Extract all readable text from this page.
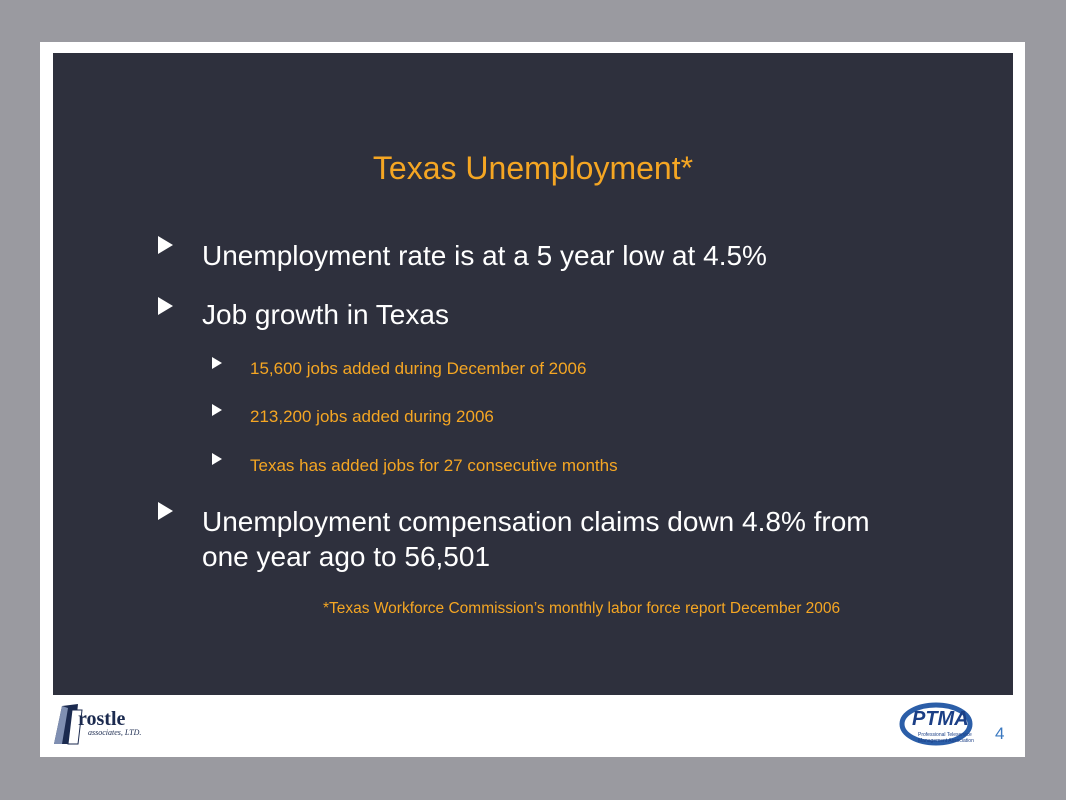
Texas Unemployment*
Unemployment rate is at a 5 year low at 4.5%
Job growth in Texas
15,600 jobs added during December of 2006
213,200 jobs added during 2006
Texas has added jobs for 27 consecutive months
Unemployment compensation claims down 4.8% from one year ago to 56,501
*Texas Workforce Commission’s monthly labor force report December 2006
rostle
associates, LTD.
PTMA
Professional Teleservice
Management Association 4
